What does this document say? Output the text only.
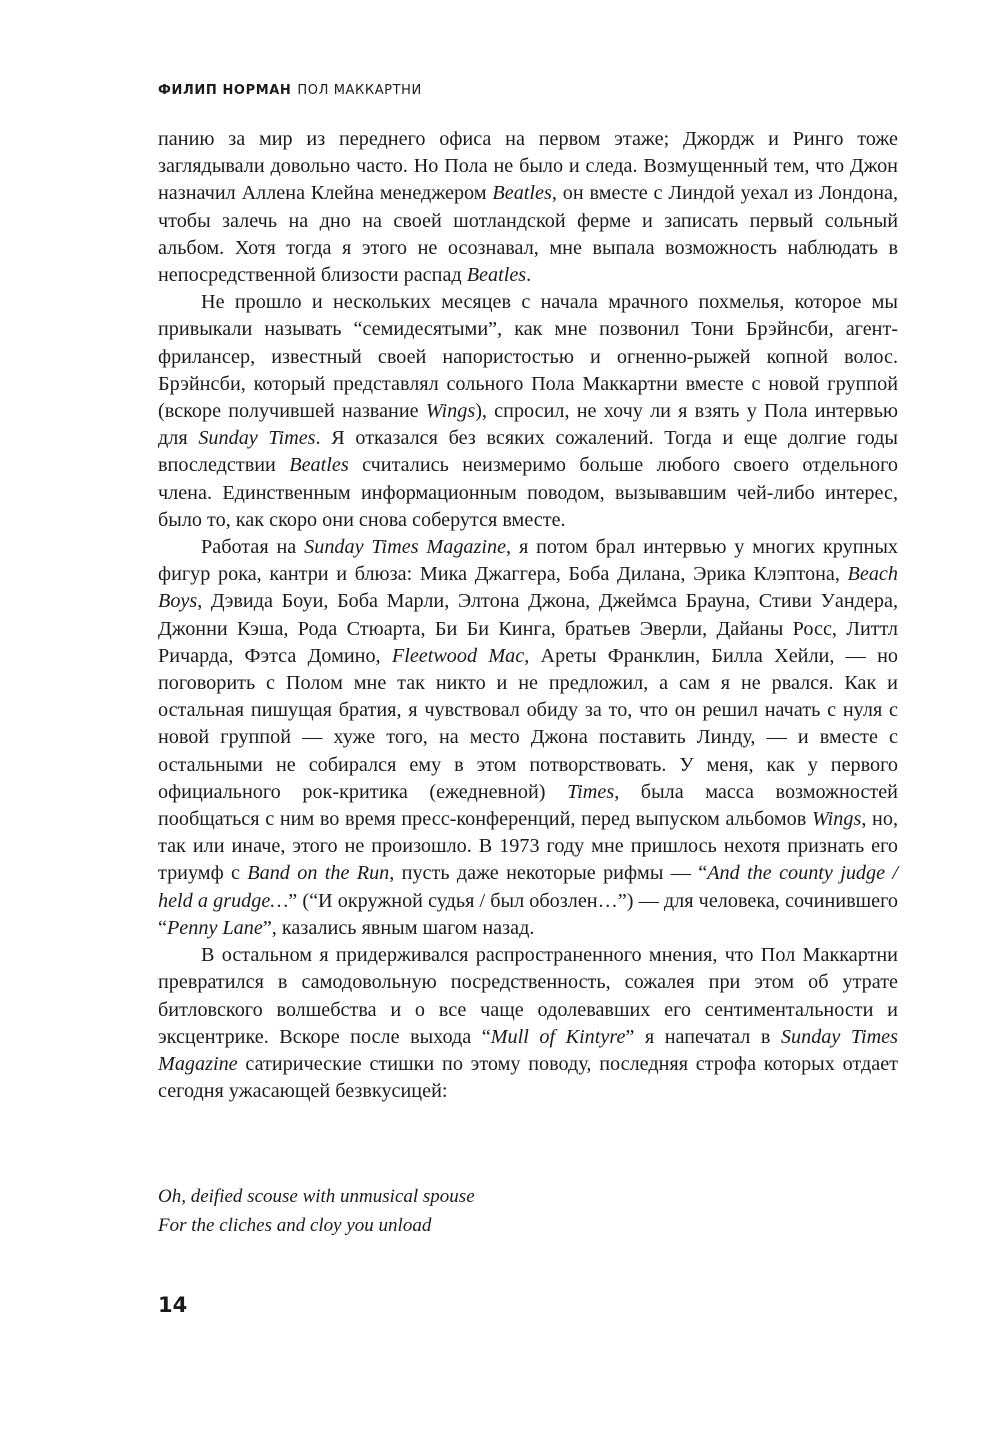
ФИЛИП НОРМАН ПОЛ МАККАРТНИ

панию за мир из переднего офиса на первом этаже; Джордж и Ринго тоже заглядывали довольно часто. Но Пола не было и следа. Возмущенный тем, что Джон назначил Аллена Клейна менеджером Beatles, он вместе с Линдой уехал из Лондона, чтобы залечь на дно на своей шотландской ферме и записать первый сольный альбом. Хотя тогда я этого не осознавал, мне выпала возможность наблюдать в непосредственной близости распад Beatles.

Не прошло и нескольких месяцев с начала мрачного похмелья, которое мы привыкали называть “семидесятыми”, как мне позвонил Тони Брэйнсби, агент-фрилансер, известный своей напористостью и огненно-рыжей копной волос. Брэйнсби, который представлял сольного Пола Маккартни вместе с новой группой (вскоре получившей название Wings), спросил, не хочу ли я взять у Пола интервью для Sunday Times. Я отказался без всяких сожалений. Тогда и еще долгие годы впоследствии Beatles считались неизмеримо больше любого своего отдельного члена. Единственным информационным поводом, вызывавшим чей-либо интерес, было то, как скоро они снова соберутся вместе.

Работая на Sunday Times Magazine, я потом брал интервью у многих крупных фигур рока, кантри и блюза: Мика Джаггера, Боба Дилана, Эрика Клэптона, Beach Boys, Дэвида Боуи, Боба Марли, Элтона Джона, Джеймса Брауна, Стиви Уандера, Джонни Кэша, Рода Стюарта, Би Би Кинга, братьев Эверли, Дайаны Росс, Литтл Ричарда, Фэтса Домино, Fleetwood Mac, Ареты Франклин, Билла Хейли, — но поговорить с Полом мне так никто и не предложил, а сам я не рвался. Как и остальная пишущая братия, я чувствовал обиду за то, что он решил начать с нуля с новой группой — хуже того, на место Джона поставить Линду, — и вместе с остальными не собирался ему в этом потворствовать. У меня, как у первого официального рок-критика (ежедневной) Times, была масса возможностей пообщаться с ним во время пресс-конференций, перед выпуском альбомов Wings, но, так или иначе, этого не произошло. В 1973 году мне пришлось нехотя признать его триумф с Band on the Run, пусть даже некоторые рифмы — “And the county judge / held a grudge…” (“И окружной судья / был обозлен…”) — для человека, сочинившего “Penny Lane”, казались явным шагом назад.

В остальном я придерживался распространенного мнения, что Пол Маккартни превратился в самодовольную посредственность, сожалея при этом об утрате битловского волшебства и о все чаще одолевавших его сентиментальности и эксцентрике. Вскоре после выхода “Mull of Kintyre” я напечатал в Sunday Times Magazine сатирические стишки по этому поводу, последняя строфа которых отдает сегодня ужасающей безвкусицей:

Oh, deified scouse with unmusical spouse
For the cliches and cloy you unload
14
